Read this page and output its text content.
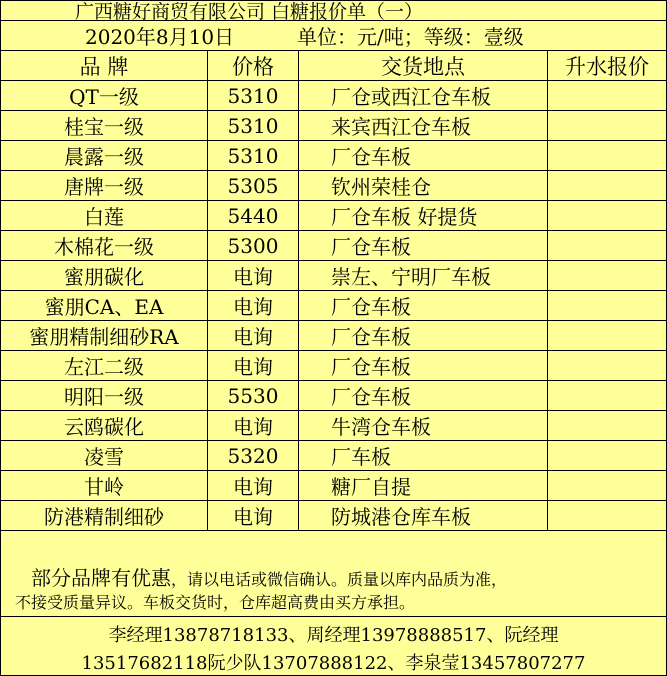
广西糖好商贸有限公司 白糖报价单（一）
2020年8月10日	单位：元/吨；等级：壹级
品 牌	价格	交货地点	升水报价
QT一级	5310	厂仓或西江仓车板
桂宝一级	5310	来宾西江仓车板
晨露一级	5310	厂仓车板
唐牌一级	5305	钦州荣桂仓
白莲	5440	厂仓车板 好提货
木棉花一级	5300	厂仓车板
蜜朋碳化	电询	崇左、宁明厂车板
蜜朋CA、EA	电询	厂仓车板
蜜朋精制细砂RA	电询	厂仓车板
左江二级	电询	厂仓车板
明阳一级	5530	厂仓车板
云鸥碳化	电询	牛湾仓车板
凌雪	5320	厂车板
甘岭	电询	糖厂自提
防港精制细砂	电询	防城港仓库车板
部分品牌有优惠，请以电话或微信确认。质量以库内品质为准，
不接受质量异议。车板交货时，仓库超高费由买方承担。
李经理13878718133、周经理13978888517、阮经理
13517682118阮少队13707888122、李泉莹13457807277
